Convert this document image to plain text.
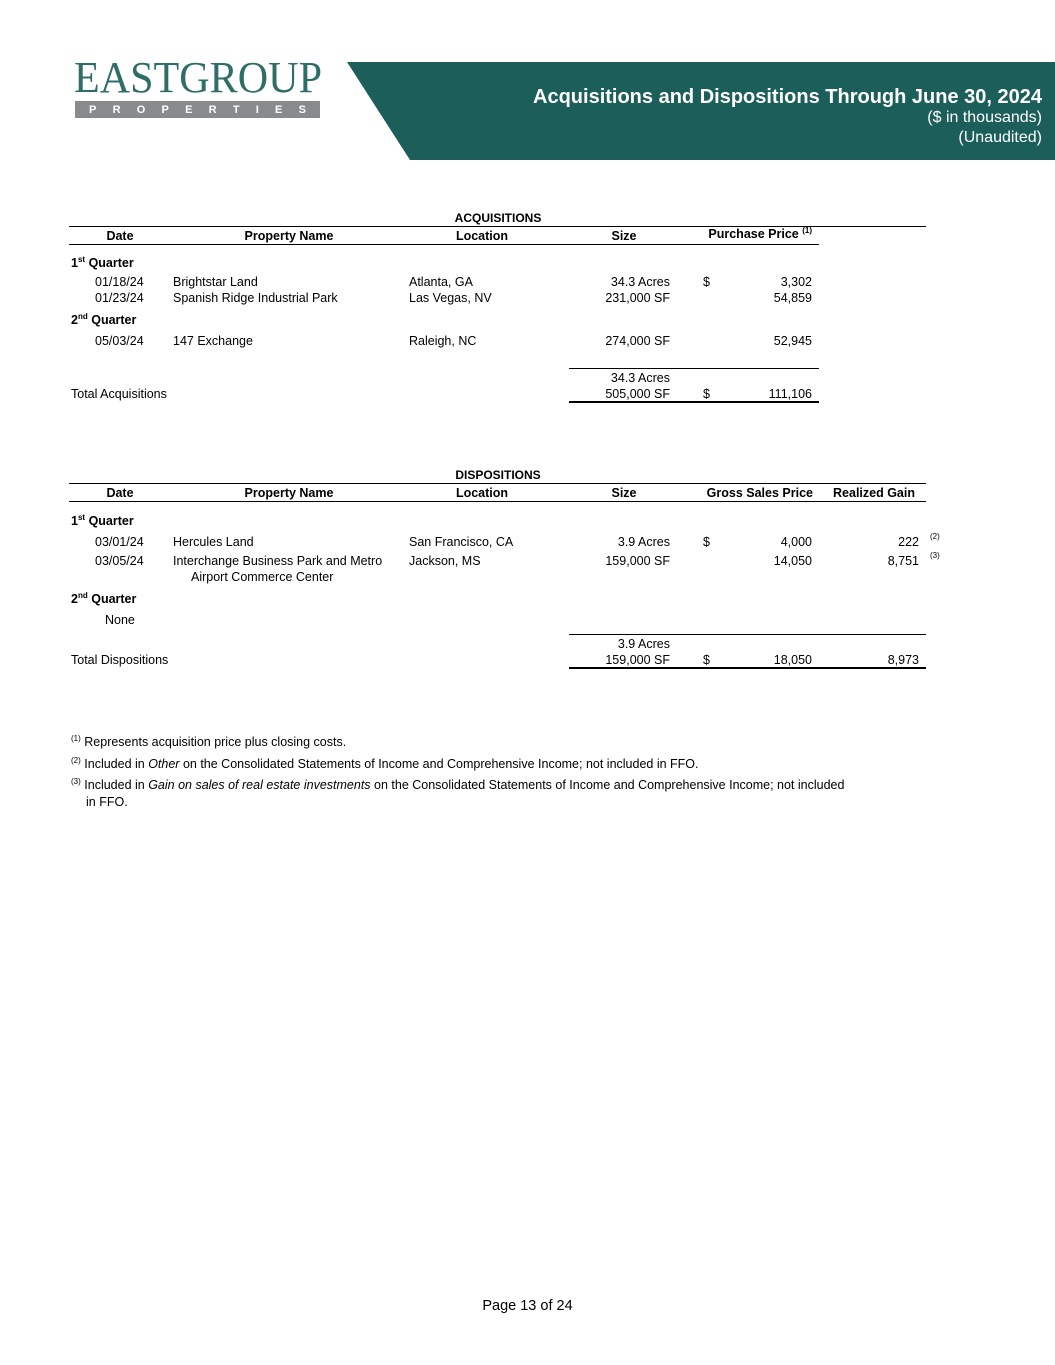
EASTGROUP
P R O P E R T I E S
Acquisitions and Dispositions Through June 30, 2024
($ in thousands)
(Unaudited)
ACQUISITIONS
Date	Property Name	Location	Size	Purchase Price $^{(1)}$
1st Quarter
01/18/24 Brightstar Land	Atlanta, GA	34.3 Acres	$	3,302
01/23/24 Spanish Ridge Industrial Park	Las Vegas, NV	231,000 SF	54,859
2nd Quarter
05/03/24 147 Exchange	Raleigh, NC	274,000 SF	52,945
34.3 Acres
Total Acquisitions	505,000 SF	$	111,106
DISPOSITIONS
Date	Property Name	Location	Size	Gross Sales Price	Realized Gain
1st Quarter
03/01/24 Hercules Land	San Francisco, CA	3.9 Acres	$	4,000	222 (2)
03/05/24 Interchange Business Park and Metro
Airport Commerce Center
Jackson, MS	159,000 SF	14,050	8,751 (3)
2nd Quarter
None
3.9 Acres
Total Dispositions	159,000 SF	$	18,050	8,973
$^{(1)}$ Represents acquisition price plus closing costs.
$^{(2)}$ Included in Other on the Consolidated Statements of Income and Comprehensive Income; not included in FFO.
$^{(3)}$ Included in Gain on sales of real estate investments on the Consolidated Statements of Income and Comprehensive Income; not included
in FFO.
Page 13 of 24
